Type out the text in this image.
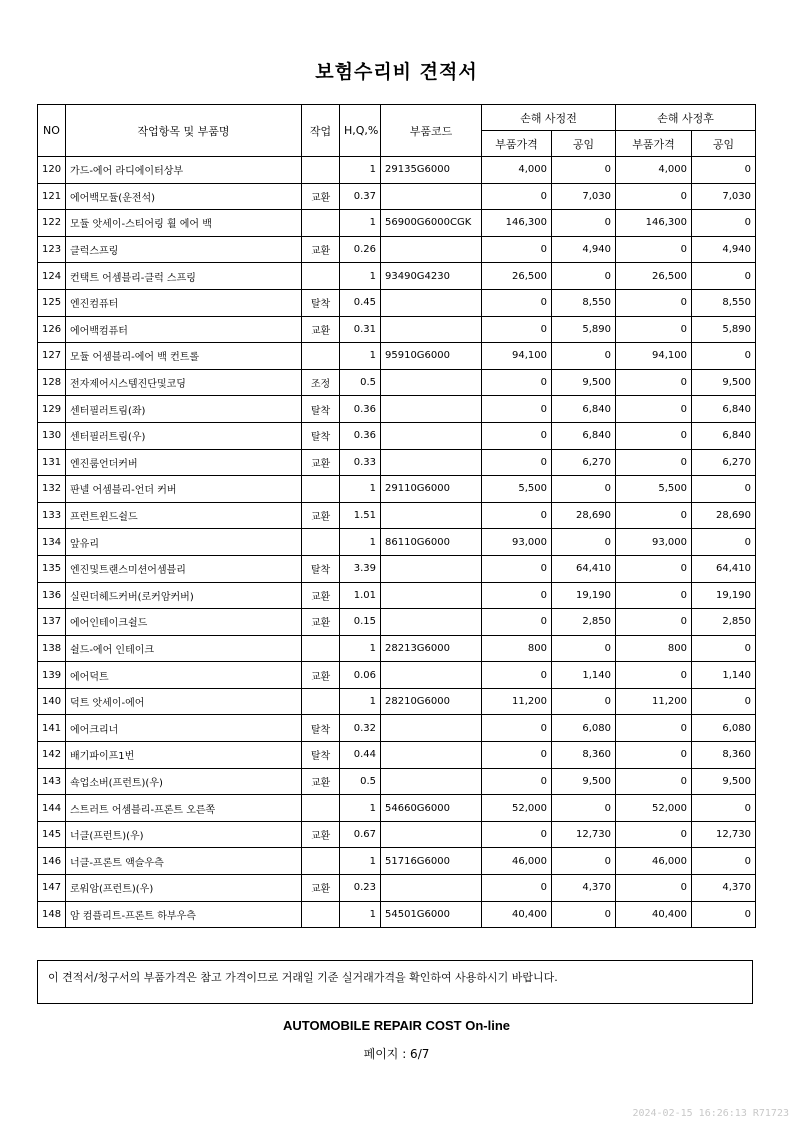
보험수리비 견적서
NO	작업항목 및 부품명	작업	H,Q,%	부품코드	손해 사정전		손해 사정후	
					부품가격	공임	부품가격	공임
120	가드-에어 라디에이터상부		1	29135G6000	4,000	0	4,000	0
121	에어백모듈(운전석)	교환	0.37		0	7,030	0	7,030
122	모듈 앗세이-스티어링 휠 에어 백		1	56900G6000CGK	146,300	0	146,300	0
123	클럭스프링	교환	0.26		0	4,940	0	4,940
124	컨택트 어셈블리-클럭 스프링		1	93490G4230	26,500	0	26,500	0
125	엔진컴퓨터	탈착	0.45		0	8,550	0	8,550
126	에어백컴퓨터	교환	0.31		0	5,890	0	5,890
127	모듈 어셈블리-에어 백 컨트롤		1	95910G6000	94,100	0	94,100	0
128	전자제어시스템진단및코딩	조정	0.5		0	9,500	0	9,500
129	센터필러트림(좌)	탈착	0.36		0	6,840	0	6,840
130	센터필러트림(우)	탈착	0.36		0	6,840	0	6,840
131	엔진룸언더커버	교환	0.33		0	6,270	0	6,270
132	판넬 어셈블리-언더 커버		1	29110G6000	5,500	0	5,500	0
133	프런트윈드쉴드	교환	1.51		0	28,690	0	28,690
134	앞유리		1	86110G6000	93,000	0	93,000	0
135	엔진및트랜스미션어셈블리	탈착	3.39		0	64,410	0	64,410
136	실린더헤드커버(로커암커버)	교환	1.01		0	19,190	0	19,190
137	에어인테이크쉴드	교환	0.15		0	2,850	0	2,850
138	쉴드-에어 인테이크		1	28213G6000	800	0	800	0
139	에어덕트	교환	0.06		0	1,140	0	1,140
140	덕트 앗세이-에어		1	28210G6000	11,200	0	11,200	0
141	에어크리너	탈착	0.32		0	6,080	0	6,080
142	배기파이프1번	탈착	0.44		0	8,360	0	8,360
143	쇽업소버(프런트)(우)	교환	0.5		0	9,500	0	9,500
144	스트러트 어셈블리-프론트 오른쪽		1	54660G6000	52,000	0	52,000	0
145	너클(프런트)(우)	교환	0.67		0	12,730	0	12,730
146	너클-프론트 액슬우측		1	51716G6000	46,000	0	46,000	0
147	로워암(프런트)(우)	교환	0.23		0	4,370	0	4,370
148	암 컴플리트-프론트 하부우측		1	54501G6000	40,400	0	40,400	0
이 견적서/청구서의 부품가격은 참고 가격이므로 거래일 기준 실거래가격을 확인하여 사용하시기 바랍니다.
AUTOMOBILE REPAIR COST On-line
페이지 : 6/7
2024-02-15 16:26:13 R71723
